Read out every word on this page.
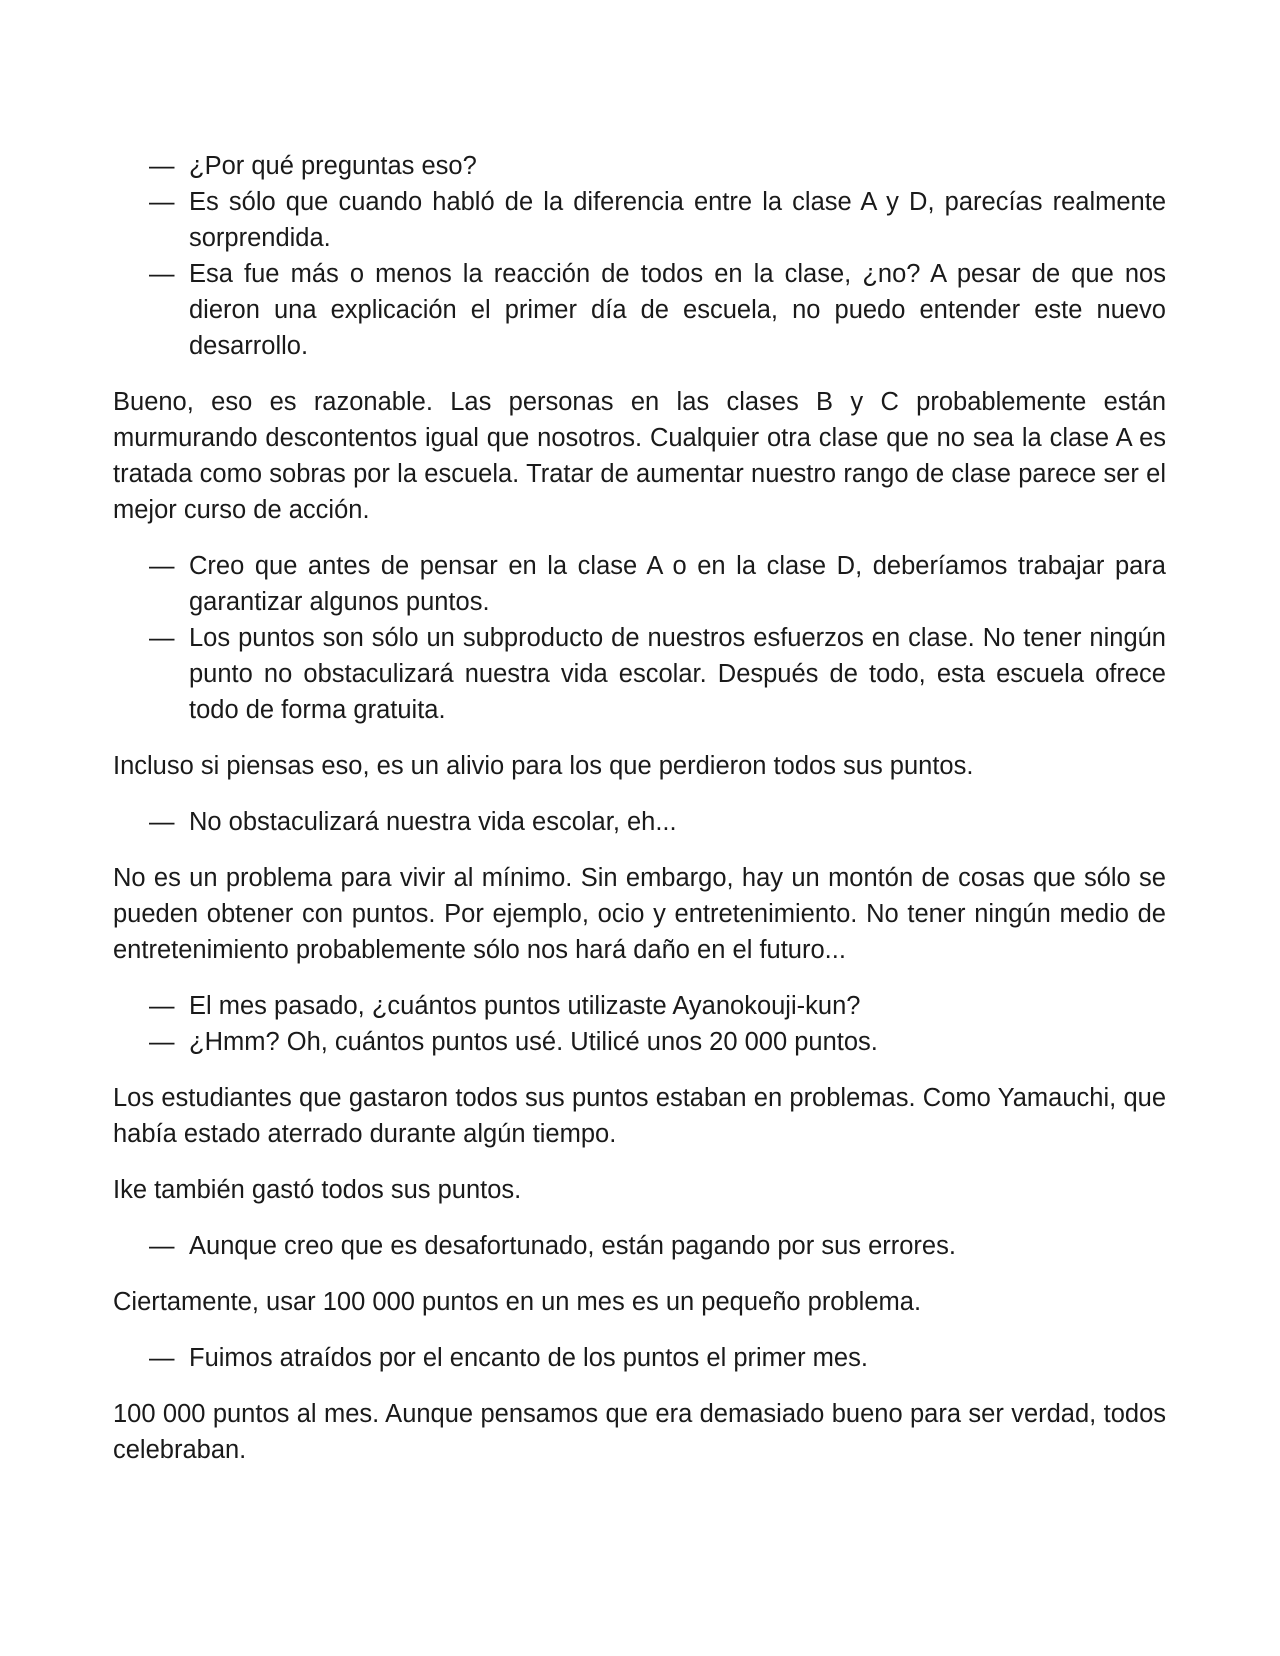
— ¿Por qué preguntas eso?
— Es sólo que cuando habló de la diferencia entre la clase A y D, parecías realmente sorprendida.
— Esa fue más o menos la reacción de todos en la clase, ¿no? A pesar de que nos dieron una explicación el primer día de escuela, no puedo entender este nuevo desarrollo.

Bueno, eso es razonable. Las personas en las clases B y C probablemente están murmurando descontentos igual que nosotros. Cualquier otra clase que no sea la clase A es tratada como sobras por la escuela. Tratar de aumentar nuestro rango de clase parece ser el mejor curso de acción.

— Creo que antes de pensar en la clase A o en la clase D, deberíamos trabajar para garantizar algunos puntos.
— Los puntos son sólo un subproducto de nuestros esfuerzos en clase. No tener ningún punto no obstaculizará nuestra vida escolar. Después de todo, esta escuela ofrece todo de forma gratuita.

Incluso si piensas eso, es un alivio para los que perdieron todos sus puntos.

— No obstaculizará nuestra vida escolar, eh...

No es un problema para vivir al mínimo. Sin embargo, hay un montón de cosas que sólo se pueden obtener con puntos. Por ejemplo, ocio y entretenimiento. No tener ningún medio de entretenimiento probablemente sólo nos hará daño en el futuro...

— El mes pasado, ¿cuántos puntos utilizaste Ayanokouji-kun?
— ¿Hmm? Oh, cuántos puntos usé. Utilicé unos 20 000 puntos.

Los estudiantes que gastaron todos sus puntos estaban en problemas. Como Yamauchi, que había estado aterrado durante algún tiempo.

Ike también gastó todos sus puntos.

— Aunque creo que es desafortunado, están pagando por sus errores.

Ciertamente, usar 100 000 puntos en un mes es un pequeño problema.

— Fuimos atraídos por el encanto de los puntos el primer mes.

100 000 puntos al mes. Aunque pensamos que era demasiado bueno para ser verdad, todos celebraban.
